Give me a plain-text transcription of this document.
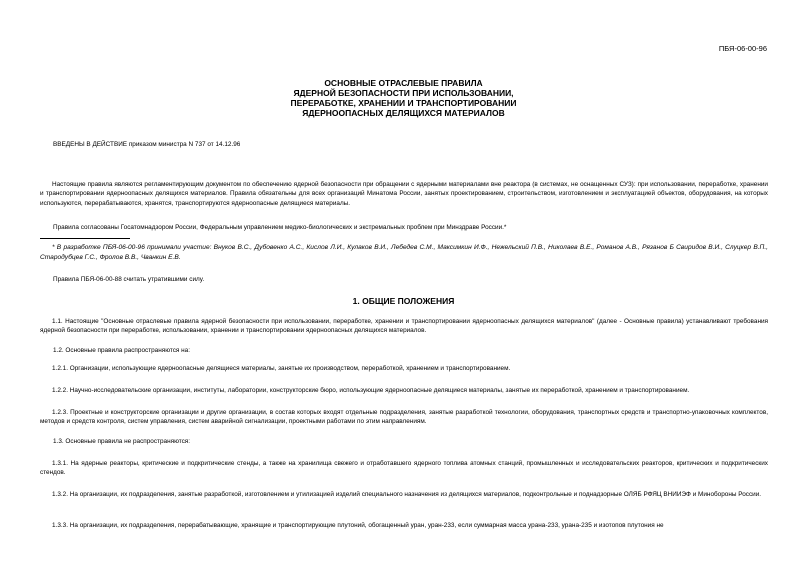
ПБЯ-06-00-96
ОСНОВНЫЕ ОТРАСЛЕВЫЕ ПРАВИЛА
ЯДЕРНОЙ БЕЗОПАСНОСТИ ПРИ ИСПОЛЬЗОВАНИИ,
ПЕРЕРАБОТКЕ, ХРАНЕНИИ И ТРАНСПОРТИРОВАНИИ
ЯДЕРНООПАСНЫХ ДЕЛЯЩИХСЯ МАТЕРИАЛОВ
ВВЕДЕНЫ В ДЕЙСТВИЕ приказом министра N 737 от 14.12.96
Настоящие правила являются регламентирующим документом по обеспечению ядерной безопасности при обращении с ядерными материалами вне реактора (в системах, не оснащенных СУЗ): при использовании, переработке, хранении и транспортировании ядерноопасных делящихся материалов. Правила обязательны для всех организаций Минатома России, занятых проектированием, строительством, изготовлением и эксплуатацией объектов, оборудования, на которых используются, перерабатываются, хранятся, транспортируются ядерноопасные делящиеся материалы.
Правила согласованы Госатомнадзором России, Федеральным управлением медико-биологических и экстремальных проблем при Минздраве России.*
* В разработке ПБЯ-06-00-96 принимали участие: Внуков В.С., Дубовенко А.С., Кислов Л.И., Кулаков В.И., Лебедев С.М., Максимкин И.Ф., Нежельский П.В., Николаев В.Е., Романов А.В., Рязанов Б Свиридов В.И., Слуцкер В.П., Стародубцев Г.С., Фролов В.В., Чванкин Е.В.
Правила ПБЯ-06-00-88 считать утратившими силу.
1. ОБЩИЕ ПОЛОЖЕНИЯ
1.1. Настоящие "Основные отраслевые правила ядерной безопасности при использовании, переработке, хранении и транспортировании ядерноопасных делящихся материалов" (далее - Основные правила) устанавливают требования ядерной безопасности при переработке, использовании, хранении и транспортировании ядерноопасных делящихся материалов.
1.2. Основные правила распространяются на:
1.2.1. Организации, использующие ядерноопасные делящиеся материалы, занятые их производством, переработкой, хранением и транспортированием.
1.2.2. Научно-исследовательские организации, институты, лаборатории, конструкторские бюро, использующие ядерноопасные делящиеся материалы, занятые их переработкой, хранением и транспортированием.
1.2.3. Проектные и конструкторские организации и другие организации, в состав которых входят отдельные подразделения, занятые разработкой технологии, оборудования, транспортных средств и транспортно-упаковочных комплектов, методов и средств контроля, систем управления, систем аварийной сигнализации, проектными работами по этим направлениям.
1.3. Основные правила не распространяются:
1.3.1. На ядерные реакторы, критические и подкритические стенды, а также на хранилища свежего и отработавшего ядерного топлива атомных станций, промышленных и исследовательских реакторов, критических и подкритических стендов.
1.3.2. На организации, их подразделения, занятые разработкой, изготовлением и утилизацией изделий специального назначения из делящихся материалов, подконтрольные и поднадзорные ОЛЯБ РФЯЦ ВНИИЭФ и Минобороны России.
1.3.3. На организации, их подразделения, перерабатывающие, хранящие и транспортирующие плутоний, обогащенный уран, уран-233, если суммарная масса урана-233, урана-235 и изотопов плутония не
